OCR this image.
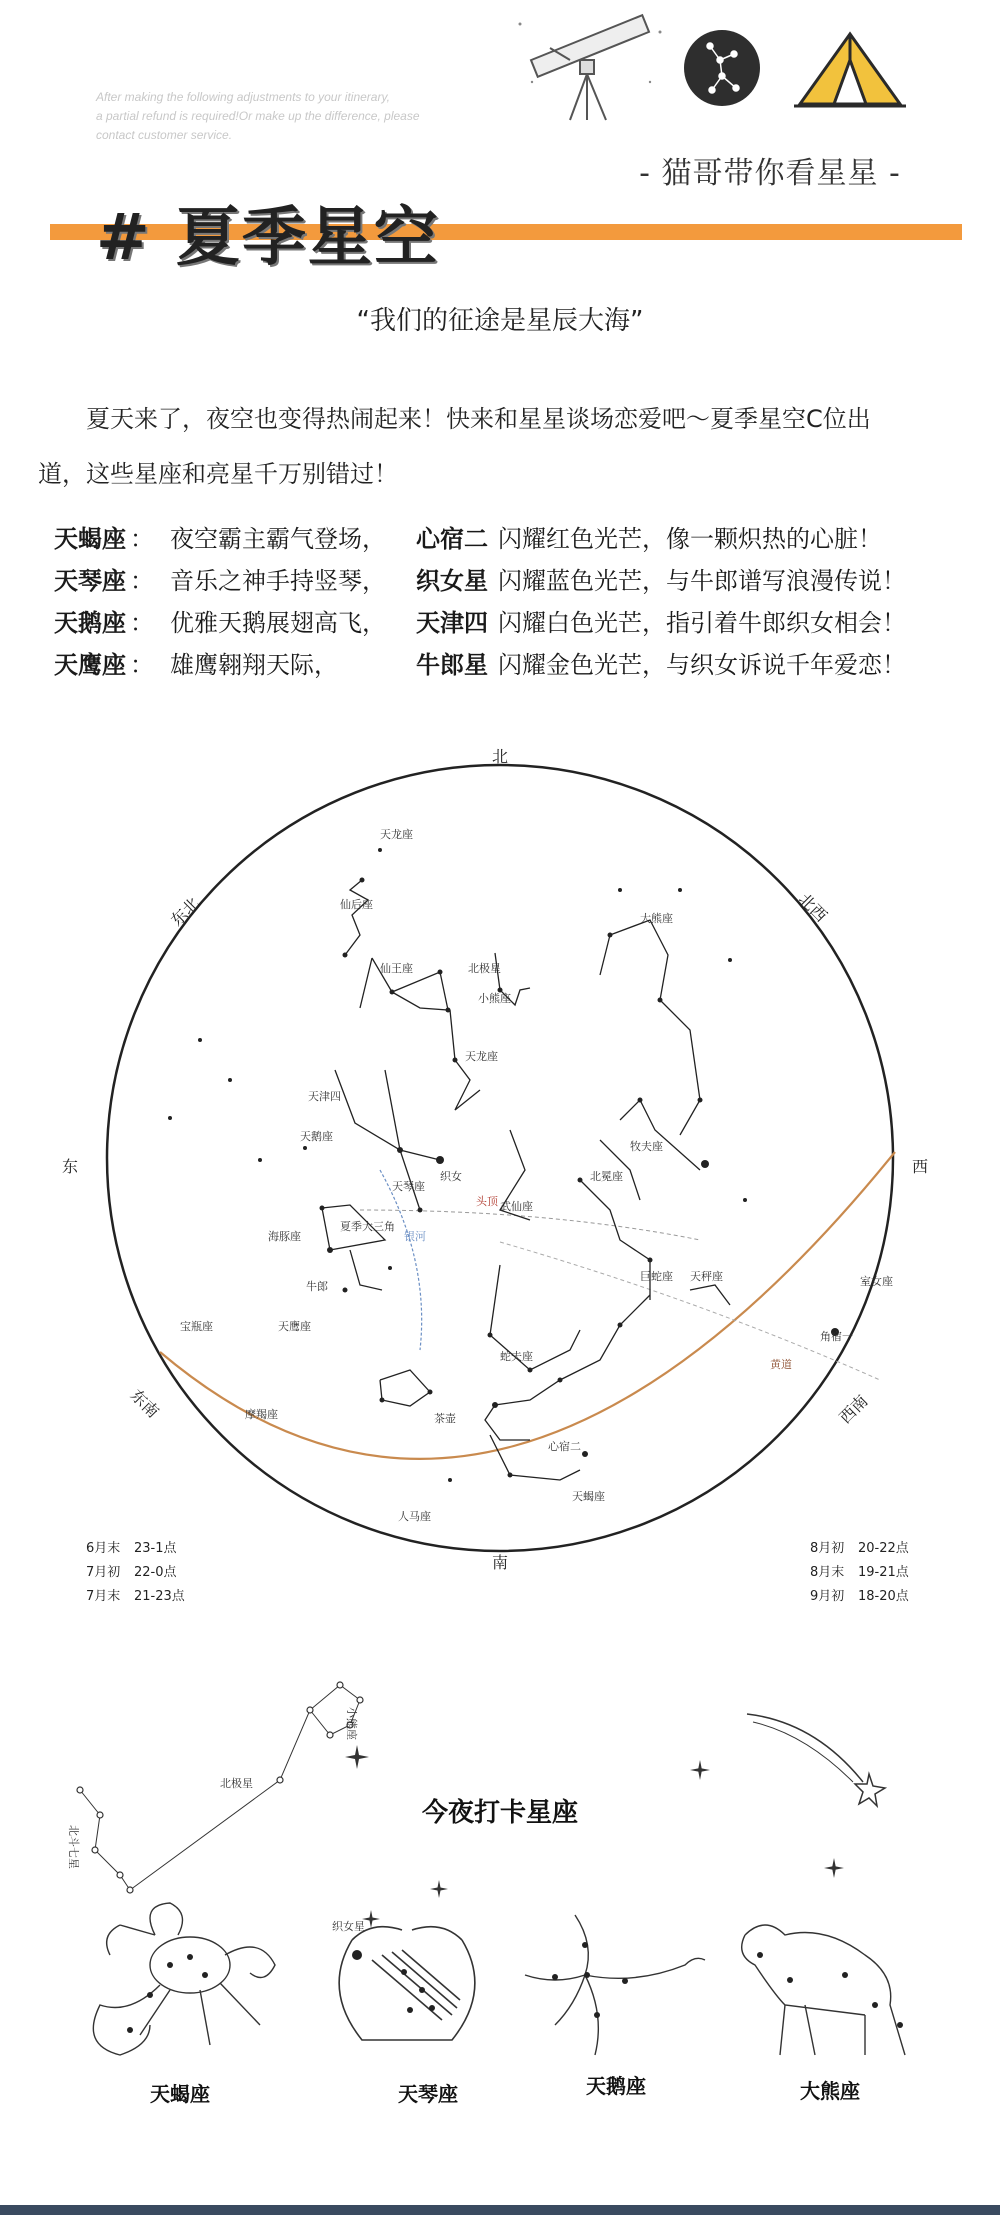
After making the following adjustments to your itinerary,
a partial refund is required!Or make up the difference, please
contact customer service.
- 猫哥带你看星星 -
# 夏季星空
“我们的征途是星辰大海”
夏天来了，夜空也变得热闹起来！快来和星星谈场恋爱吧～夏季星空C位出
道，这些星座和亮星千万别错过！
天蝎座 ： 夜空霸主霸气登场， 心宿二 闪耀红色光芒，像一颗炽热的心脏！
天琴座 ： 音乐之神手持竖琴， 织女星 闪耀蓝色光芒，与牛郎谱写浪漫传说！
天鹅座 ： 优雅天鹅展翅高飞， 天津四 闪耀白色光芒，指引着牛郎织女相会！
天鹰座 ： 雄鹰翱翔天际，	牛郎星 闪耀金色光芒，与织女诉说千年爱恋！
北
南
东	西
东北	北西
东南	西南
天龙座
仙后座
仙王座	北极星
小熊座
大熊座
天龙座
天津四
天鹅座
天琴座
织女
头顶
夏季大三角
海豚座
牛郎
天鹰座
武仙座
北冕座
牧夫座
巨蛇座
蛇夫座
天秤座
黄道
室女座
角宿一
宝瓶座
摩羯座	茶壶
心宿二
天蝎座
人马座
银河
6月末 23-1点
7月初 22-0点
7月末 21-23点
8月初 20-22点
8月末 19-21点
9月初 18-20点
北极星
北斗七星
小熊座
今夜打卡星座
织女星
天蝎座	天琴座	天鹅座	大熊座
